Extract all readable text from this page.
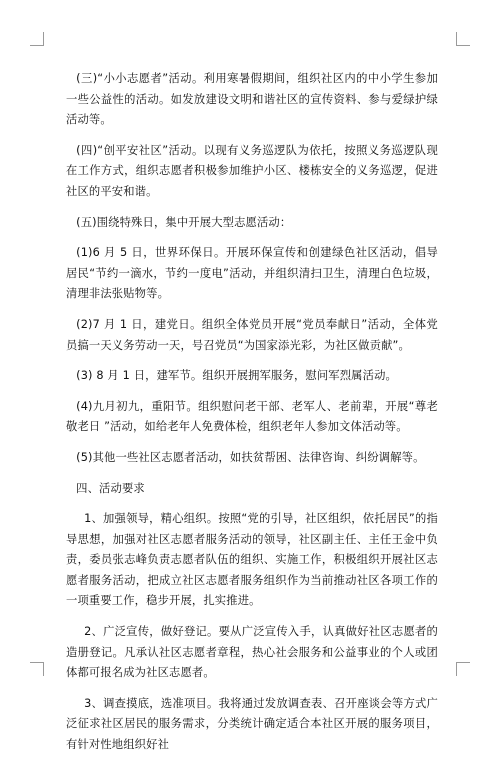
(三)“小小志愿者”活动。利用寒暑假期间，组织社区内的中小学生参加一些公益性的活动。如发放建设文明和谐社区的宣传资料、参与爱绿护绿活动等。

(四)“创平安社区”活动。以现有义务巡逻队为依托，按照义务巡逻队现在工作方式，组织志愿者积极参加维护小区、楼栋安全的义务巡逻，促进社区的平安和谐。

(五)围绕特殊日，集中开展大型志愿活动：

(1)6 月 5 日，世界环保日。开展环保宣传和创建绿色社区活动，倡导居民“节约一滴水，节约一度电”活动，并组织清扫卫生，清理白色垃圾，清理非法张贴物等。

(2)7 月 1 日，建党日。组织全体党员开展“党员奉献日”活动，全体党员搞一天义务劳动一天，号召党员“为国家添光彩，为社区做贡献”。

(3) 8 月 1 日，建军节。组织开展拥军服务，慰问军烈属活动。

(4)九月初九，重阳节。组织慰问老干部、老军人、老前辈，开展“尊老敬老日 ”活动，如给老年人免费体检，组织老年人参加文体活动等。

(5)其他一些社区志愿者活动，如扶贫帮困、法律咨询、纠纷调解等。

四、活动要求

1、加强领导，精心组织。按照“党的引导，社区组织，依托居民”的指导思想，加强对社区志愿者服务活动的领导，社区副主任、主任王金中负责，委员张志峰负责志愿者队伍的组织、实施工作，积极组织开展社区志愿者服务活动，把成立社区志愿者服务组织作为当前推动社区各项工作的一项重要工作，稳步开展，扎实推进。

2、广泛宣传，做好登记。要从广泛宣传入手，认真做好社区志愿者的造册登记。凡承认社区志愿者章程，热心社会服务和公益事业的个人或团体都可报名成为社区志愿者。

3、调查摸底，选准项目。我将通过发放调查表、召开座谈会等方式广泛征求社区居民的服务需求，分类统计确定适合本社区开展的服务项目，有针对性地组织好社
